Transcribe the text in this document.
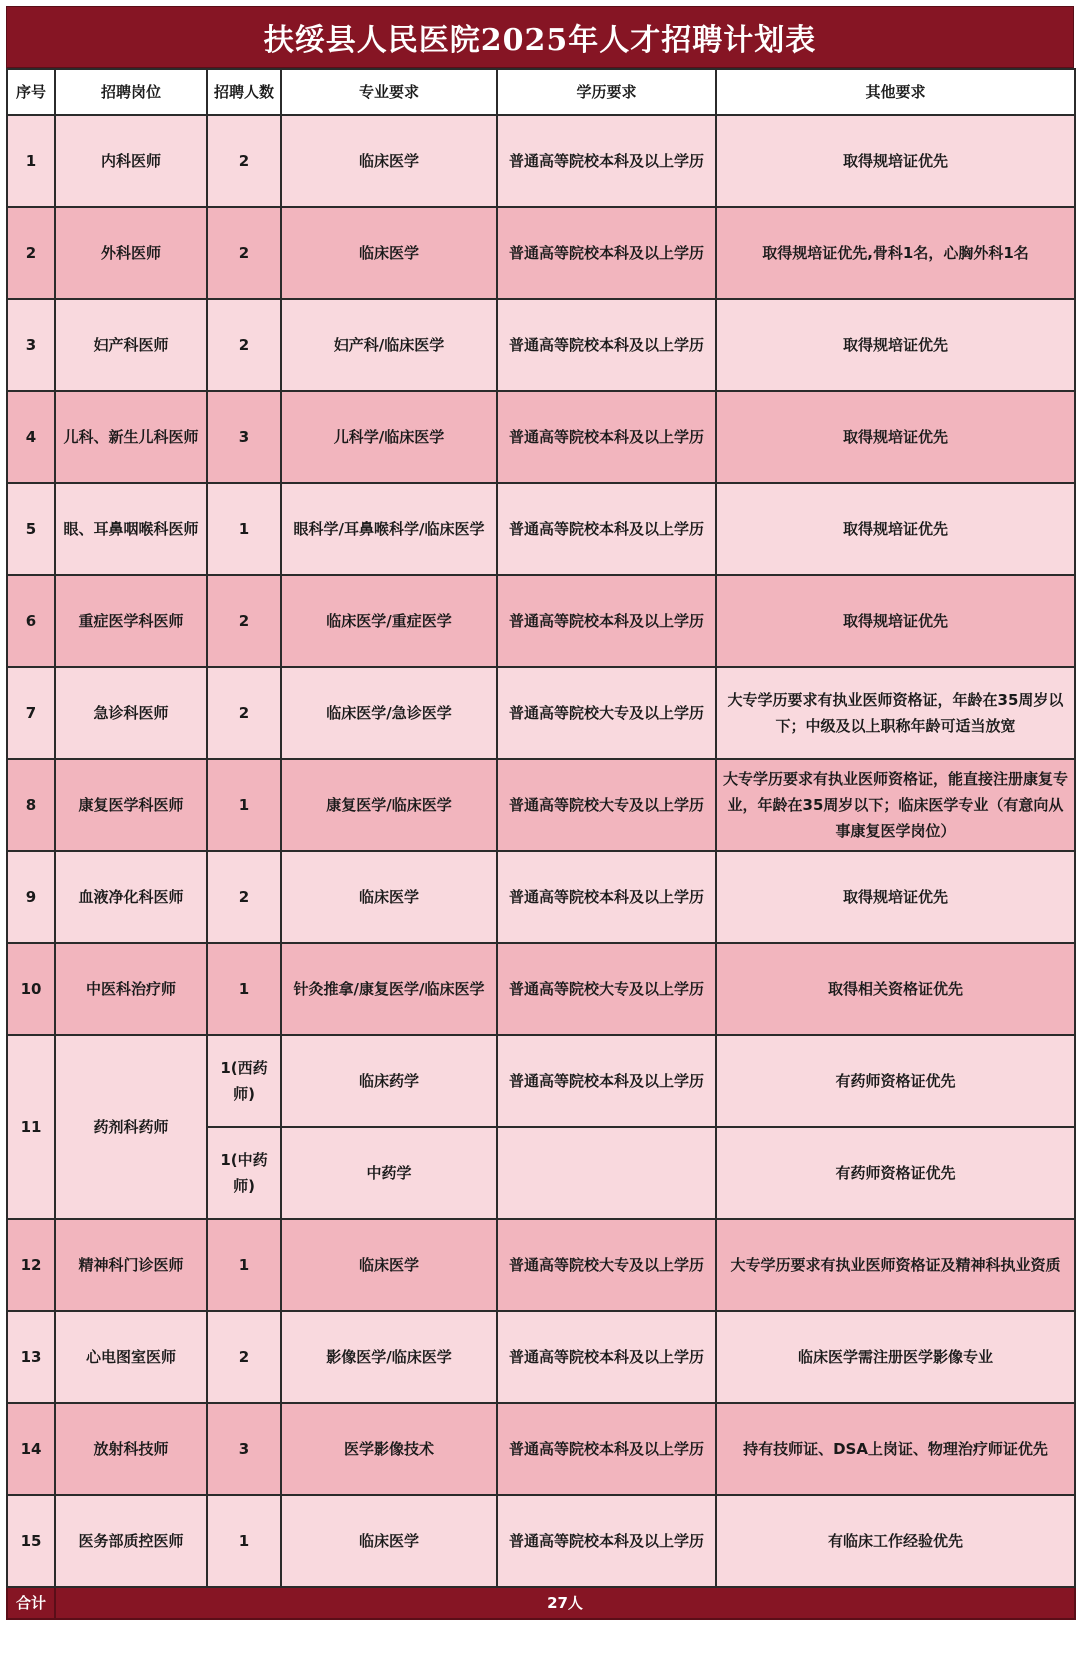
扶绥县人民医院2025年人才招聘计划表
序号	招聘岗位	招聘人数	专业要求	学历要求	其他要求
1	内科医师	2	临床医学	普通高等院校本科及以上学历	取得规培证优先
2	外科医师	2	临床医学	普通高等院校本科及以上学历	取得规培证优先,骨科1名，心胸外科1名
3	妇产科医师	2	妇产科/临床医学	普通高等院校本科及以上学历	取得规培证优先
4	儿科、新生儿科医师	3	儿科学/临床医学	普通高等院校本科及以上学历	取得规培证优先
5	眼、耳鼻咽喉科医师	1	眼科学/耳鼻喉科学/临床医学	普通高等院校本科及以上学历	取得规培证优先
6	重症医学科医师	2	临床医学/重症医学	普通高等院校本科及以上学历	取得规培证优先
7	急诊科医师	2	临床医学/急诊医学	普通高等院校大专及以上学历	大专学历要求有执业医师资格证，年龄在35周岁以下；中级及以上职称年龄可适当放宽
8	康复医学科医师	1	康复医学/临床医学	普通高等院校大专及以上学历	大专学历要求有执业医师资格证，能直接注册康复专业，年龄在35周岁以下；临床医学专业（有意向从事康复医学岗位）
9	血液净化科医师	2	临床医学	普通高等院校本科及以上学历	取得规培证优先
10	中医科治疗师	1	针灸推拿/康复医学/临床医学	普通高等院校大专及以上学历	取得相关资格证优先
11	药剂科药师	1(西药师)	临床药学	普通高等院校本科及以上学历	有药师资格证优先
		1(中药师)	中药学		有药师资格证优先
12	精神科门诊医师	1	临床医学	普通高等院校大专及以上学历	大专学历要求有执业医师资格证及精神科执业资质
13	心电图室医师	2	影像医学/临床医学	普通高等院校本科及以上学历	临床医学需注册医学影像专业
14	放射科技师	3	医学影像技术	普通高等院校本科及以上学历	持有技师证、DSA上岗证、物理治疗师证优先
15	医务部质控医师	1	临床医学	普通高等院校本科及以上学历	有临床工作经验优先
合计	27人				
